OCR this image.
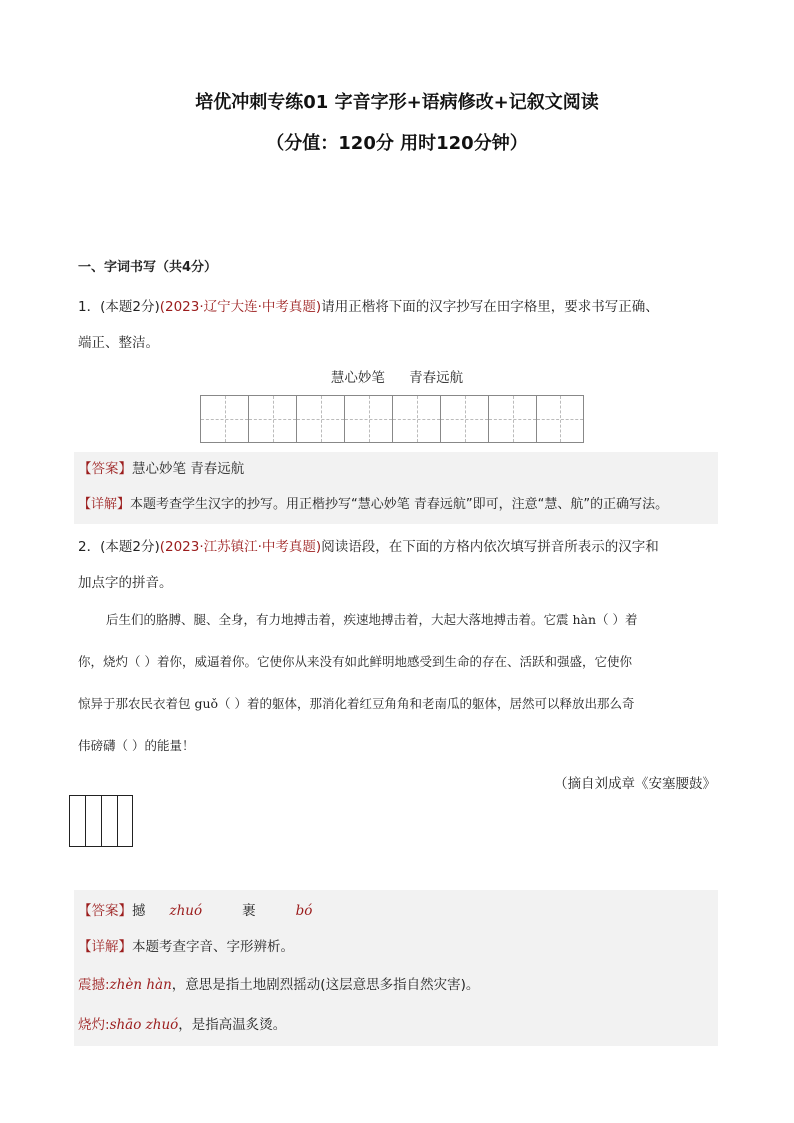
培优冲刺专练01 字音字形+语病修改+记叙文阅读
（分值：120分 用时120分钟）
一、字词书写（共4分）
1．(本题2分)(2023·辽宁大连·中考真题)请用正楷将下面的汉字抄写在田字格里，要求书写正确、
端正、整洁。
慧心妙笔 青春远航
【答案】慧心妙笔 青春远航
【详解】本题考查学生汉字的抄写。用正楷抄写“慧心妙笔 青春远航”即可，注意“慧、航”的正确写法。
2．(本题2分)(2023·江苏镇江·中考真题)阅读语段，在下面的方格内依次填写拼音所表示的汉字和
加点字的拼音。
后生们的胳膊、腿、全身，有力地搏击着，疾速地搏击着，大起大落地搏击着。它震 hàn（ ）着
你，烧灼（ ）着你，威逼着你。它使你从来没有如此鲜明地感受到生命的存在、活跃和强盛，它使你
惊异于那农民衣着包 guǒ（ ）着的躯体，那消化着红豆角角和老南瓜的躯体，居然可以释放出那么奇
伟磅礴（ ）的能量！
（摘自刘成章《安塞腰鼓》
【答案】撼 zhuó	裹	bó
【详解】本题考查字音、字形辨析。
震撼:zhèn hàn，意思是指土地剧烈摇动(这层意思多指自然灾害)。
烧灼:shāo zhuó，是指高温炙烫。
